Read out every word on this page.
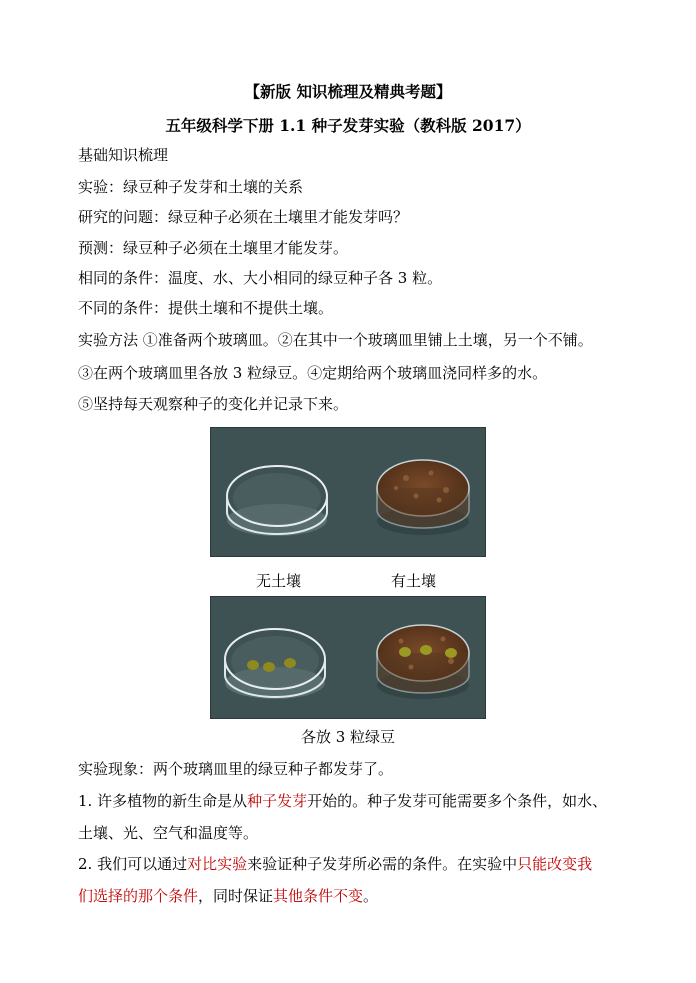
【新版 知识梳理及精典考题】
五年级科学下册 1.1 种子发芽实验（教科版 2017）
基础知识梳理
实验：绿豆种子发芽和土壤的关系
研究的问题：绿豆种子必须在土壤里才能发芽吗？
预测：绿豆种子必须在土壤里才能发芽。
相同的条件：温度、水、大小相同的绿豆种子各 3 粒。
不同的条件：提供土壤和不提供土壤。
实验方法 ①准备两个玻璃皿。②在其中一个玻璃皿里铺上土壤，另一个不铺。
③在两个玻璃皿里各放 3 粒绿豆。④定期给两个玻璃皿浇同样多的水。
⑤坚持每天观察种子的变化并记录下来。
无土壤	有土壤
各放 3 粒绿豆
实验现象：两个玻璃皿里的绿豆种子都发芽了。
1. 许多植物的新生命是从种子发芽开始的。种子发芽可能需要多个条件，如水、
土壤、光、空气和温度等。
2. 我们可以通过对比实验来验证种子发芽所必需的条件。在实验中只能改变我
们选择的那个条件，同时保证其他条件不变。
